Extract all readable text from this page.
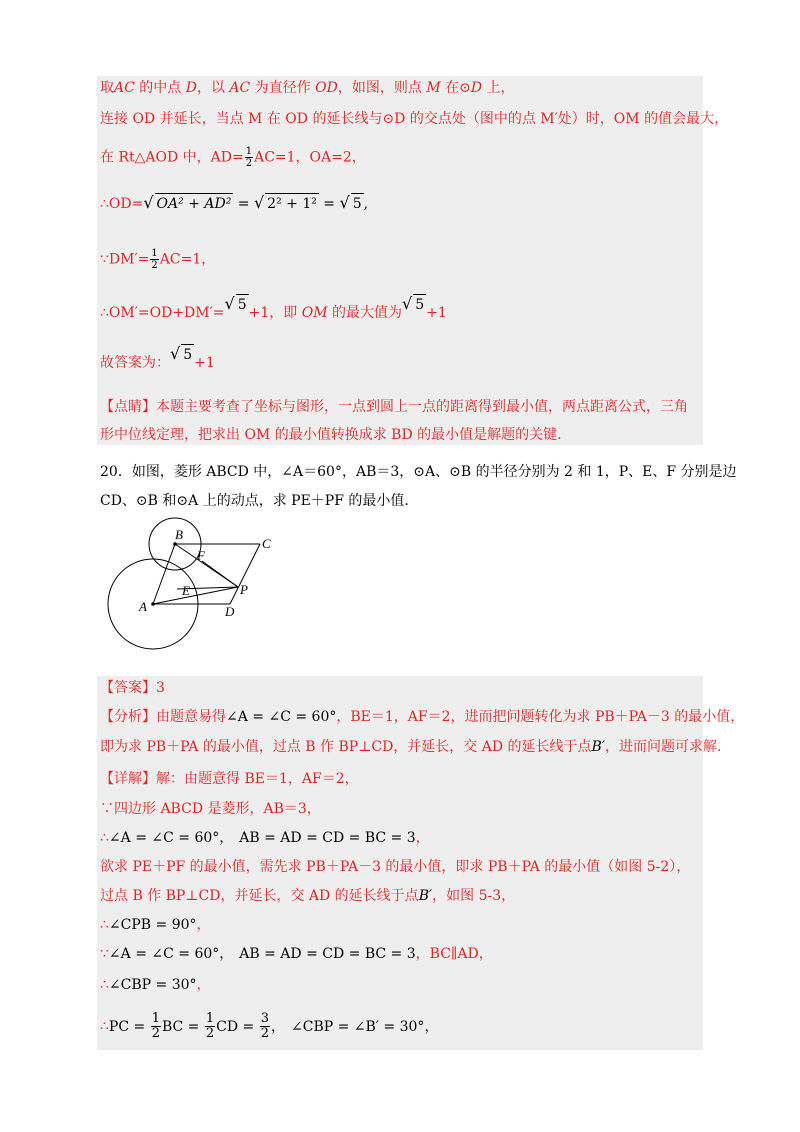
取AC 的中点 D，以 AC 为直径作 OD，如图，则点 M 在⊙D 上，
连接 OD 并延长，当点 M 在 OD 的延长线与⊙D 的交点处（图中的点 M′处）时，OM 的值会最大，
在 Rt△AOD 中，$AD= \frac{1}{2} AC=1$，OA=2，
∴OD=√ OA² + AD² = √ 2² + 1² = √ 5 ,
∵DM′= $\frac{1}{2} AC=1$，
∴OM′=OD+DM′=√ 5 +1，即 OM 的最大值为√ 5 +1
故答案为：√ 5 +1
【点睛】本题主要考查了坐标与图形，一点到圆上一点的距离得到最小值，两点距离公式，三角
形中位线定理，把求出 OM 的最小值转换成求 BD 的最小值是解题的关键.
20．如图，菱形 ABCD 中，∠A＝60°，AB＝3，⊙A、⊙B 的半径分别为 2 和 1，P、E、F 分别是边
CD、⊙B 和⊙A 上的动点，求 PE＋PF 的最小值.
A
B
C
D
E
F
P
【答案】3
【分析】由题意易得∠A = ∠C = 60°，BE＝1，AF＝2，进而把问题转化为求 PB＋PA－3 的最小值，
即为求 PB＋PA 的最小值，过点 B 作 BP⊥CD，并延长，交 AD 的延长线于点B′，进而问题可求解.
【详解】解：由题意得 BE＝1，AF＝2，
∵四边形 ABCD 是菱形，AB＝3，
∴∠A = ∠C = 60°， AB = AD = CD = BC = 3，
欲求 PE＋PF 的最小值，需先求 PB＋PA－3 的最小值，即求 PB＋PA 的最小值（如图 5-2），
过点 B 作 BP⊥CD，并延长，交 AD 的延长线于点B′，如图 5-3，
∴∠CPB = 90°，
∵∠A = ∠C = 60°， AB = AD = CD = BC = 3，BC∥AD，
∴∠CBP = 30°，
∴PC = $\frac{1}{2}$ BC = $\frac{1}{2}$ CD = $\frac{3}{2}$ ， ∠CBP = ∠B′ = 30°，
